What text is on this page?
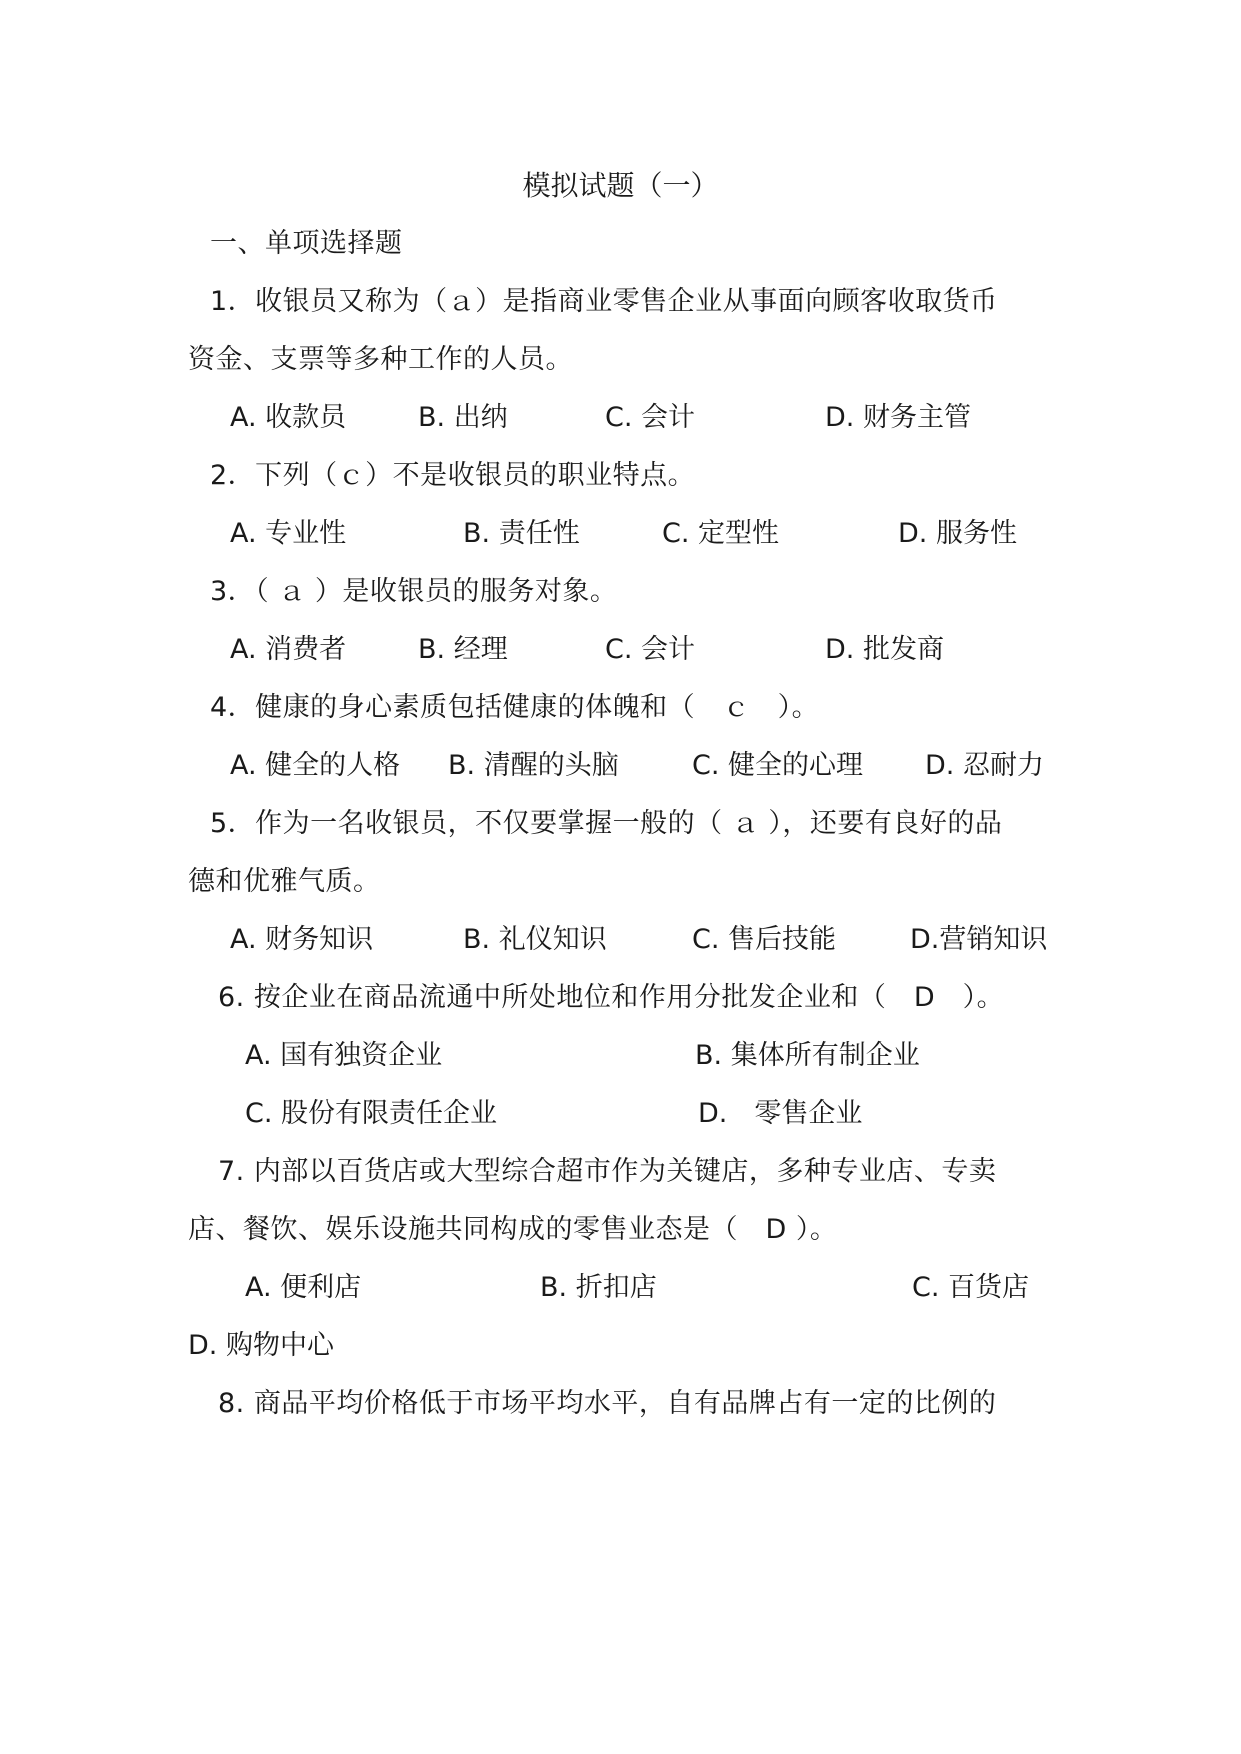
模拟试题（一）
一、单项选择题
1．收银员又称为（ａ）是指商业零售企业从事面向顾客收取货币
资金、支票等多种工作的人员。
A. 收款员	B. 出纳	C. 会计	D. 财务主管
2．下列（ｃ）不是收银员的职业特点。
A. 专业性	B. 责任性	C. 定型性	D. 服务性
3．（ ａ ）是收银员的服务对象。
A. 消费者	B. 经理	C. 会计	D. 批发商
4．健康的身心素质包括健康的体魄和（　ｃ　）。
A. 健全的人格 B. 清醒的头脑	C. 健全的心理 D. 忍耐力
5．作为一名收银员，不仅要掌握一般的（ ａ ），还要有良好的品
德和优雅气质。
A. 财务知识	B. 礼仪知识	C. 售后技能	D.营销知识
6. 按企业在商品流通中所处地位和作用分批发企业和（　D　）。
A. 国有独资企业	B. 集体所有制企业
C. 股份有限责任企业	D.　零售企业
7. 内部以百货店或大型综合超市作为关键店，多种专业店、专卖
店、餐饮、娱乐设施共同构成的零售业态是（　D ）。
A. 便利店	B. 折扣店	C. 百货店
D. 购物中心
8. 商品平均价格低于市场平均水平，自有品牌占有一定的比例的
